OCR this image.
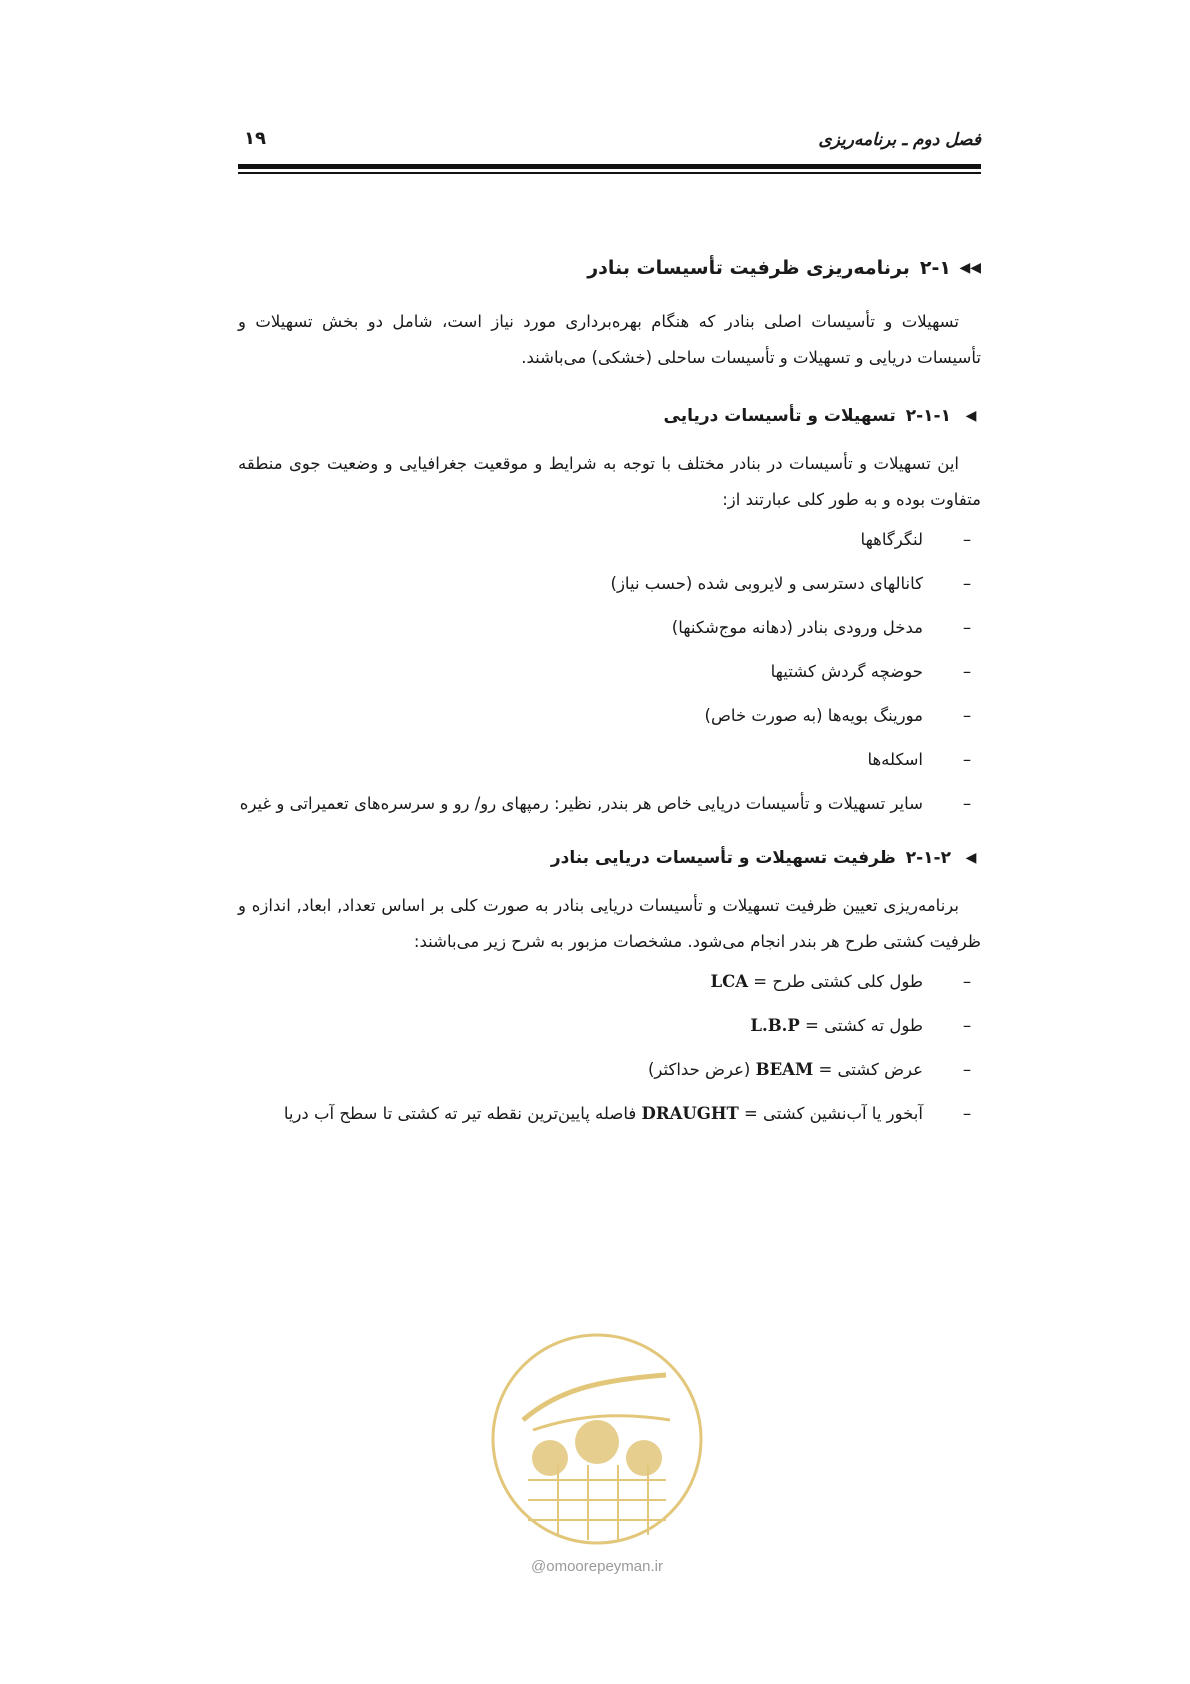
فصل دوم ـ برنامه‌ریزی
۱۹
◀◀
۲-۱
برنامه‌ریزی ظرفیت تأسیسات بنادر

تسهیلات و تأسیسات اصلی بنادر که هنگام بهره‌برداری مورد نیاز است، شامل دو بخش تسهیلات و تأسیسات دریایی و تسهیلات و تأسیسات ساحلی (خشکی) می‌باشند.

◀
۲-۱-۱
تسهیلات و تأسیسات دریایی

این تسهیلات و تأسیسات در بنادر مختلف با توجه به شرایط و موقعیت جغرافیایی و وضعیت جوی منطقه متفاوت بوده و به طور کلی عبارتند از:

–
لنگرگاهها
–
کانالهای دسترسی و لایروبی شده (حسب نیاز)
–
مدخل ورودی بنادر (دهانه موج‌شکنها)
–
حوضچه گردش کشتیها
–
مورینگ بویه‌ها (به صورت خاص)
–
اسکله‌ها
–
سایر تسهیلات و تأسیسات دریایی خاص هر بندر, نظیر: رمپهای رو/ رو و سرسره‌های تعمیراتی و غیره
◀
۲-۱-۲
ظرفیت تسهیلات و تأسیسات دریایی بنادر

برنامه‌ریزی تعیین ظرفیت تسهیلات و تأسیسات دریایی بنادر به صورت کلی بر اساس تعداد, ابعاد, اندازه و ظرفیت کشتی طرح هر بندر انجام می‌شود. مشخصات مزبور به شرح زیر می‌باشند:

–
طول کلی کشتی طرح = LCA
–
طول ته کشتی = L.B.P
–
عرض کشتی = BEAM (عرض حداکثر)
–
آبخور یا آب‌نشین کشتی = DRAUGHT فاصله پایین‌ترین نقطه تیر ته کشتی تا سطح آب دریا
@omoorepeyman.ir
